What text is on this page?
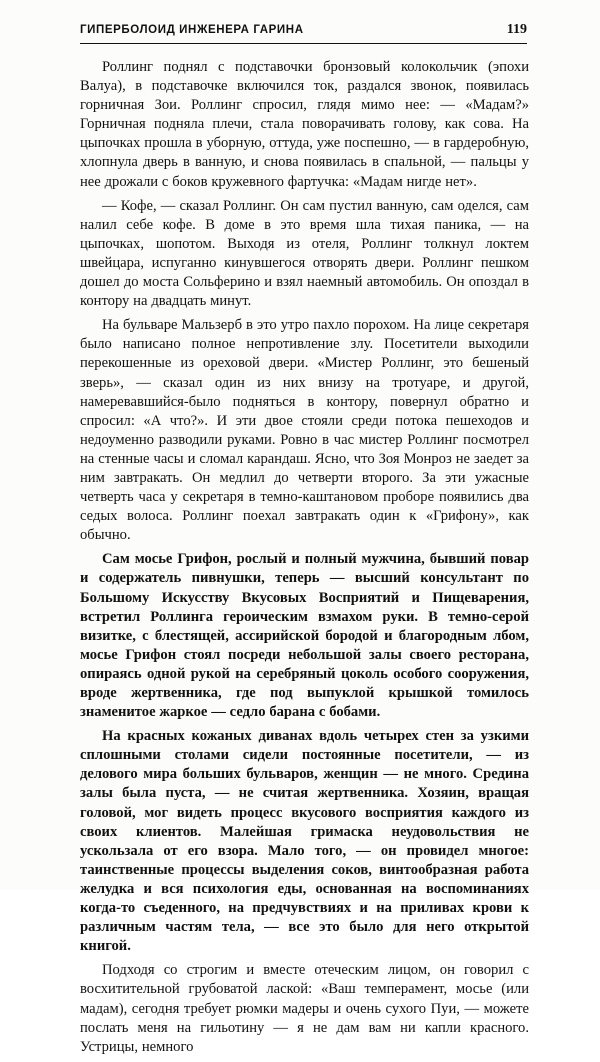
ГИПЕРБОЛОИД ИНЖЕНЕРА ГАРИНА	119

Роллинг поднял с подставочки бронзовый колокольчик (эпохи Валуа), в подставочке включился ток, раздался звонок, появилась горничная Зои. Роллинг спросил, глядя мимо нее: — «Мадам?» Горничная подняла плечи, стала поворачивать голову, как сова. На цыпочках прошла в уборную, оттуда, уже поспешно, — в гардеробную, хлопнула дверь в ванную, и снова появилась в спальной, — пальцы у нее дрожали с боков кружевного фартучка: «Мадам нигде нет».

— Кофе, — сказал Роллинг. Он сам пустил ванную, сам оделся, сам налил себе кофе. В доме в это время шла тихая паника, — на цыпочках, шопотом. Выходя из отеля, Роллинг толкнул локтем швейцара, испуганно кинувшегося отворять двери. Роллинг пешком дошел до моста Сольферино и взял наемный автомобиль. Он опоздал в контору на двадцать минут.

На бульваре Мальзерб в это утро пахло порохом. На лице секретаря было написано полное непротивление злу. Посетители выходили перекошенные из ореховой двери. «Мистер Роллинг, это бешеный зверь», — сказал один из них внизу на тротуаре, и другой, намеревавшийся-было подняться в контору, повернул обратно и спросил: «А что?». И эти двое стояли среди потока пешеходов и недоуменно разводили руками. Ровно в час мистер Роллинг посмотрел на стенные часы и сломал карандаш. Ясно, что Зоя Монроз не заедет за ним завтракать. Он медлил до четверти второго. За эти ужасные четверть часа у секретаря в темно-каштановом проборе появились два седых волоса. Роллинг поехал завтракать один к «Грифону», как обычно.

Сам мосье Грифон, рослый и полный мужчина, бывший повар и содержатель пивнушки, теперь — высший консультант по Большому Искусству Вкусовых Восприятий и Пищеварения, встретил Роллинга героическим взмахом руки. В темно-серой визитке, с блестящей, ассирийской бородой и благородным лбом, мосье Грифон стоял посреди небольшой залы своего ресторана, опираясь одной рукой на серебряный цоколь особого сооружения, вроде жертвенника, где под выпуклой крышкой томилось знаменитое жаркое — седло барана с бобами.

На красных кожаных диванах вдоль четырех стен за узкими сплошными столами сидели постоянные посетители, — из делового мира больших бульваров, женщин — не много. Средина залы была пуста, — не считая жертвенника. Хозяин, вращая головой, мог видеть процесс вкусового восприятия каждого из своих клиентов. Малейшая гримаска неудовольствия не ускользала от его взора. Мало того, — он провидел многое: таинственные процессы выделения соков, винтообразная работа желудка и вся психология еды, основанная на воспоминаниях когда-то съеденного, на предчувствиях и на приливах крови к различным частям тела, — все это было для него открытой книгой.

Подходя со строгим и вместе отеческим лицом, он говорил с восхитительной грубоватой лаской: «Ваш темперамент, мосье (или мадам), сегодня требует рюмки мадеры и очень сухого Пуи, — можете послать меня на гильотину — я не дам вам ни капли красного. Устрицы, немного
